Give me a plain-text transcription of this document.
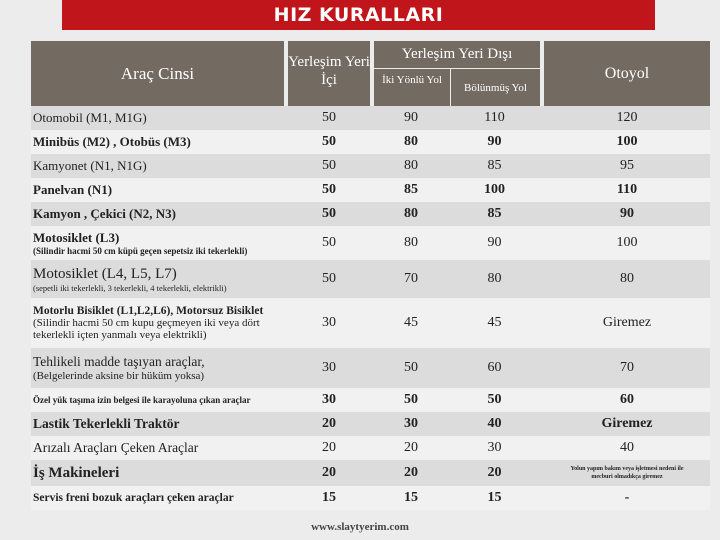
HIZ KURALLARI
Araç Cinsi
Yerleşim Yeri İçi
Yerleşim Yeri Dışı
İki Yönlü Yol
Bölünmüş Yol
Otoyol
Otomobil (M1, M1G)	50	90	110	120
Minibüs (M2) , Otobüs (M3)	50	80	90	100
Kamyonet (N1, N1G)	50	80	85	95
Panelvan (N1)	50	85	100	110
Kamyon , Çekici (N2, N3)	50	80	85	90
Motosiklet (L3)
(Silindir hacmi 50 cm küpü geçen sepetsiz iki tekerlekli)
50	80	90	100
Motosiklet (L4, L5, L7)
(sepetli iki tekerlekli, 3 tekerlekli, 4 tekerlekli, elektrikli)
50	70	80	80
Motorlu Bisiklet (L1,L2,L6), Motorsuz Bisiklet
(Silindir hacmi 50 cm kupu geçmeyen iki veya dört tekerlekli içten yanmalı veya elektrikli)
30	45	45	Giremez
Tehlikeli madde taşıyan araçlar,
(Belgelerinde aksine bir hüküm yoksa)
30	50	60	70
Özel yük taşıma izin belgesi ile karayoluna çıkan araçlar	30	50	50	60
Lastik Tekerlekli Traktör	20	30	40	Giremez
Arızalı Araçları Çeken Araçlar	20	20	30	40
İş Makineleri	20	20	20	Yolun yapım bakım veya işletmesi nedeni ile mecburi olmadıkça giremez
Servis freni bozuk araçları çeken araçlar	15	15	15	-
www.slaytyerim.com
